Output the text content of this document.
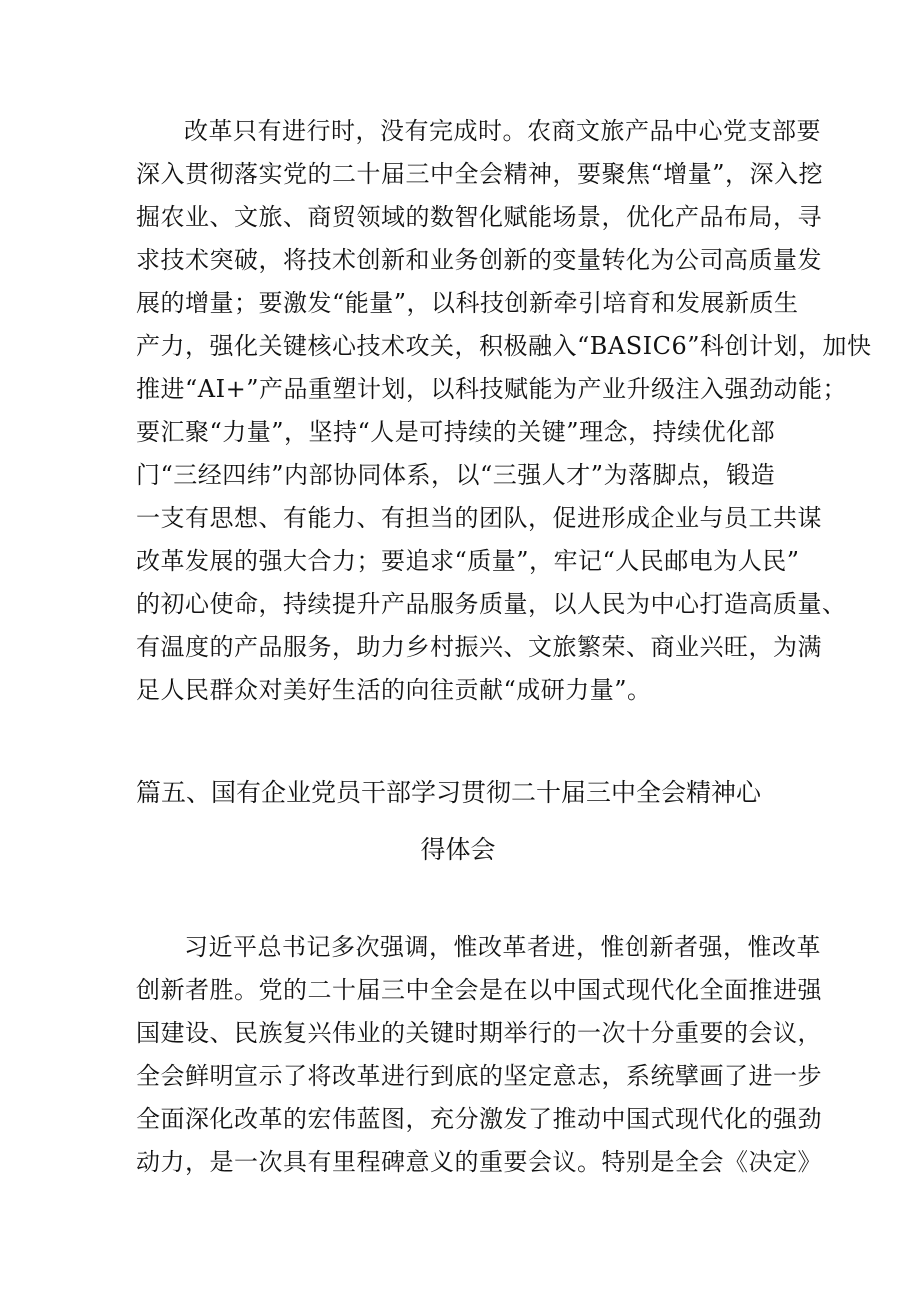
改革只有进行时，没有完成时。农商文旅产品中心党支部要
深入贯彻落实党的二十届三中全会精神，要聚焦“增量”，深入挖
掘农业、文旅、商贸领域的数智化赋能场景，优化产品布局，寻
求技术突破，将技术创新和业务创新的变量转化为公司高质量发
展的增量；要激发“能量”，以科技创新牵引培育和发展新质生
产力，强化关键核心技术攻关，积极融入“BASIC6”科创计划，加快
推进“AI+”产品重塑计划，以科技赋能为产业升级注入强劲动能；
要汇聚“力量”，坚持“人是可持续的关键”理念，持续优化部
门“三经四纬”内部协同体系，以“三强人才”为落脚点，锻造
一支有思想、有能力、有担当的团队，促进形成企业与员工共谋
改革发展的强大合力；要追求“质量”，牢记“人民邮电为人民”
的初心使命，持续提升产品服务质量，以人民为中心打造高质量、
有温度的产品服务，助力乡村振兴、文旅繁荣、商业兴旺，为满
足人民群众对美好生活的向往贡献“成研力量”。
篇五、国有企业党员干部学习贯彻二十届三中全会精神心
得体会
习近平总书记多次强调，惟改革者进，惟创新者强，惟改革
创新者胜。党的二十届三中全会是在以中国式现代化全面推进强
国建设、民族复兴伟业的关键时期举行的一次十分重要的会议，
全会鲜明宣示了将改革进行到底的坚定意志，系统擘画了进一步
全面深化改革的宏伟蓝图，充分激发了推动中国式现代化的强劲
动力，是一次具有里程碑意义的重要会议。特别是全会《决定》
